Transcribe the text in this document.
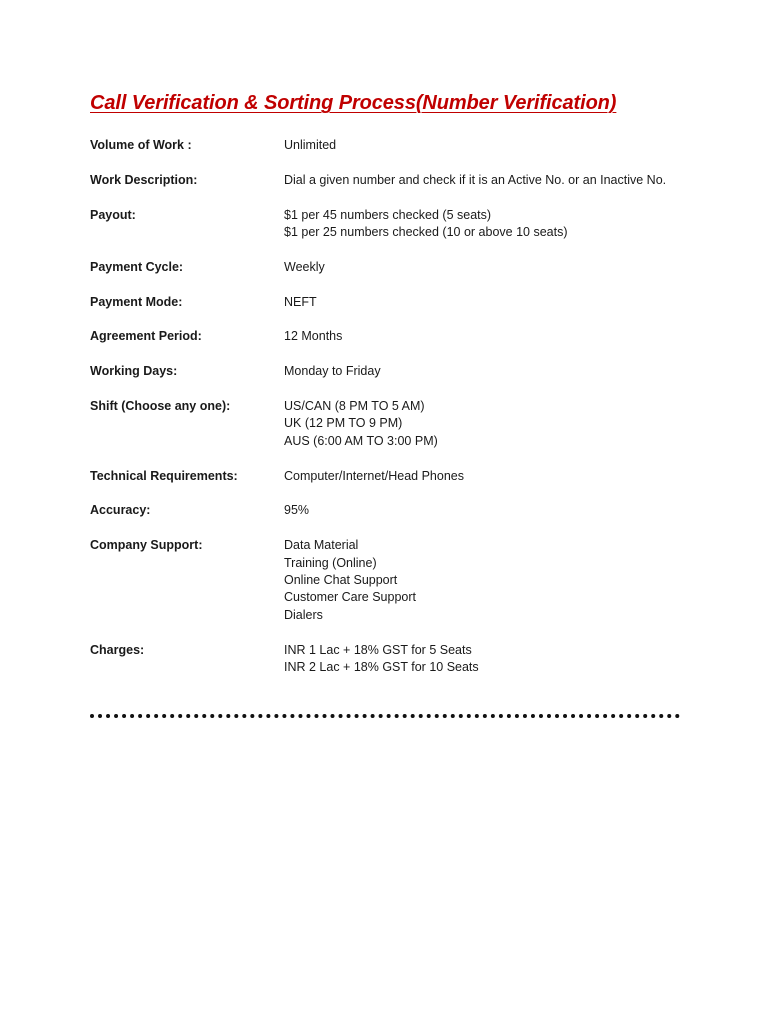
Call Verification & Sorting Process(Number Verification)
Volume of Work :	Unlimited
Work Description:	Dial a given number and check if it is an Active No. or an Inactive No.
Payout:	$1 per 45 numbers checked (5 seats)
$1 per 25 numbers checked (10 or above 10 seats)
Payment Cycle:	Weekly
Payment Mode:	NEFT
Agreement Period:	12 Months
Working Days:	Monday to Friday
Shift (Choose any one):	US/CAN (8 PM TO 5 AM)
UK (12 PM TO 9 PM)
AUS (6:00 AM TO 3:00 PM)
Technical Requirements:	Computer/Internet/Head Phones
Accuracy:	95%
Company Support:	Data Material
Training (Online)
Online Chat Support
Customer Care Support
Dialers
Charges:	INR 1 Lac + 18% GST for 5 Seats
INR 2 Lac + 18% GST for 10 Seats
